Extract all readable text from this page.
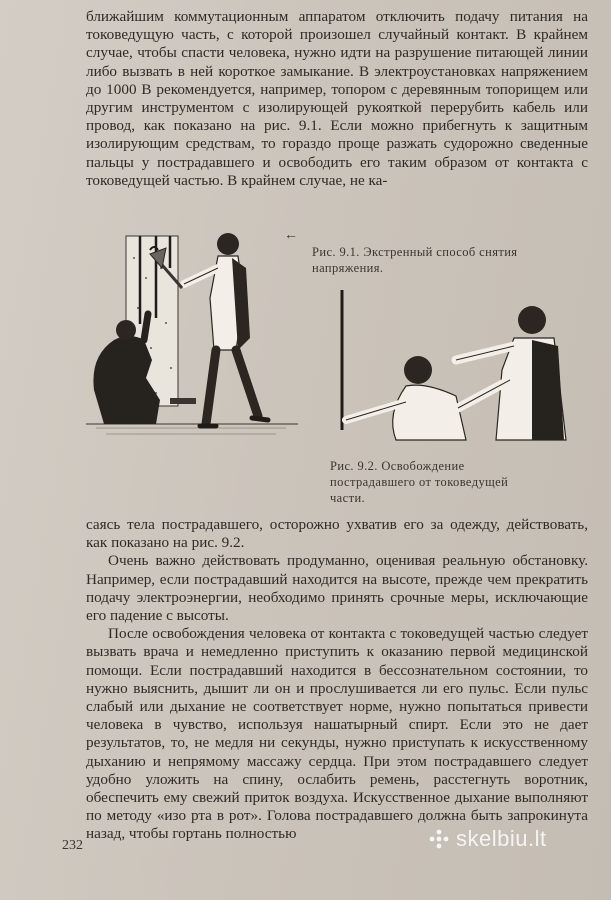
ближайшим коммутационным аппаратом отключить подачу питания на токоведущую часть, с которой произошел случайный контакт. В крайнем случае, чтобы спасти человека, нужно идти на разрушение питающей линии либо вызвать в ней короткое замыкание. В электроустановках напряжением до 1000 В рекомендуется, например, топором с деревянным топорищем или другим инструментом с изолирующей рукояткой перерубить кабель или провод, как показано на рис. 9.1. Если можно прибегнуть к защитным изолирующим средствам, то гораздо проще разжать судорожно сведенные пальцы у пострадавшего и освободить его таким образом от контакта с токоведущей частью. В крайнем случае, не ка-

←
Рис. 9.1. Экстренный способ снятия напряжения.
Рис. 9.2. Освобождение пострадавшего от токоведущей части.

саясь тела пострадавшего, осторожно ухватив его за одежду, действовать, как показано на рис. 9.2.

Очень важно действовать продуманно, оценивая реальную обстановку. Например, если пострадавший находится на высоте, прежде чем прекратить подачу электроэнергии, необходимо принять срочные меры, исключающие его падение с высоты.

После освобождения человека от контакта с токоведущей частью следует вызвать врача и немедленно приступить к оказанию первой медицинской помощи. Если пострадавший находится в бессознательном состоянии, то нужно выяснить, дышит ли он и прослушивается ли его пульс. Если пульс слабый или дыхание не соответствует норме, нужно попытаться привести человека в чувство, используя нашатырный спирт. Если это не дает результатов, то, не медля ни секунды, нужно приступать к искусственному дыханию и непрямому массажу сердца. При этом пострадавшего следует удобно уложить на спину, ослабить ремень, расстегнуть воротник, обеспечить ему свежий приток воздуха. Искусственное дыхание выполняют по методу «изо рта в рот». Голова пострадавшего должна быть запрокинута назад, чтобы гортань полностью

232	skelbiu.lt
